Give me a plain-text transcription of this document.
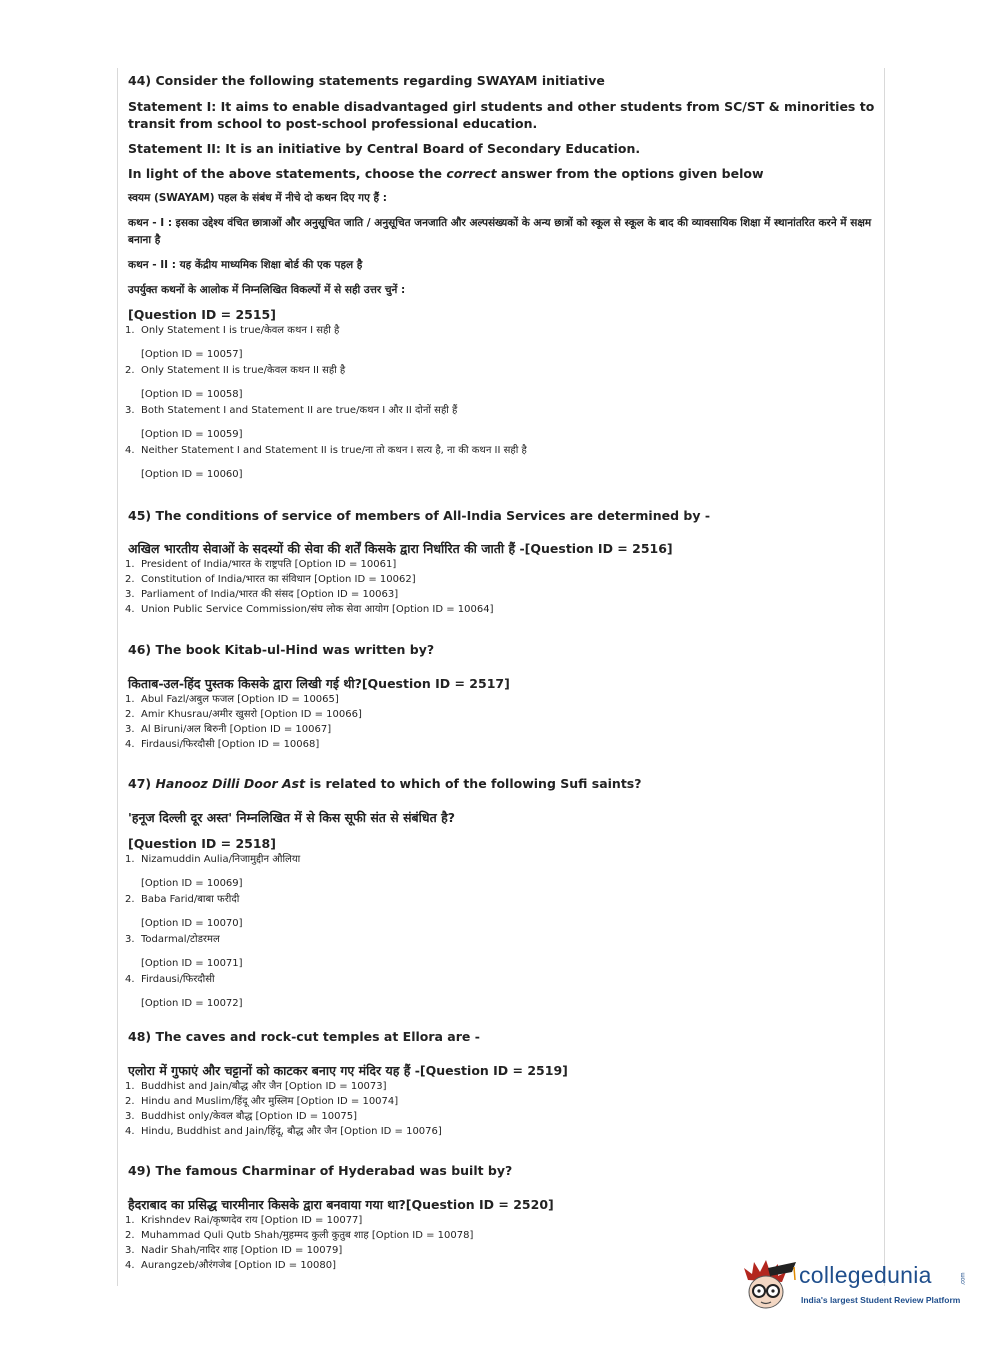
44) Consider the following statements regarding SWAYAM initiative
Statement I: It aims to enable disadvantaged girl students and other students from SC/ST & minorities to transit from school to post-school professional education.
Statement II: It is an initiative by Central Board of Secondary Education.
In light of the above statements, choose the correct answer from the options given below
स्वयम (SWAYAM) पहल के संबंध में नीचे दो कथन दिए गए हैं :
कथन - I : इसका उद्देश्य वंचित छात्राओं और अनुसूचित जाति / अनुसूचित जनजाति और अल्पसंख्यकों के अन्य छात्रों को स्कूल से स्कूल के बाद की व्यावसायिक शिक्षा में स्थानांतरित करने में सक्षम बनाना है
कथन - II : यह केंद्रीय माध्यमिक शिक्षा बोर्ड की एक पहल है
उपर्युक्त कथनों के आलोक में निम्नलिखित विकल्पों में से सही उत्तर चुनें :
[Question ID = 2515]
1. Only Statement I is true/केवल कथन I सही है
[Option ID = 10057]
2. Only Statement II is true/केवल कथन II सही है
[Option ID = 10058]
3. Both Statement I and Statement II are true/कथन I और II दोनों सही हैं
[Option ID = 10059]
4. Neither Statement I and Statement II is true/ना तो कथन I सत्य है, ना की कथन II सही है
[Option ID = 10060]
45) The conditions of service of members of All-India Services are determined by -
अखिल भारतीय सेवाओं के सदस्यों की सेवा की शर्तें किसके द्वारा निर्धारित की जाती हैं -[Question ID = 2516]
1. President of India/भारत के राष्ट्रपति [Option ID = 10061]
2. Constitution of India/भारत का संविधान [Option ID = 10062]
3. Parliament of India/भारत की संसद [Option ID = 10063]
4. Union Public Service Commission/संघ लोक सेवा आयोग [Option ID = 10064]
46) The book Kitab-ul-Hind was written by?
किताब-उल-हिंद पुस्तक किसके द्वारा लिखी गई थी?[Question ID = 2517]
1. Abul Fazl/अबुल फजल [Option ID = 10065]
2. Amir Khusrau/अमीर खुसरो [Option ID = 10066]
3. Al Biruni/अल बिरुनी [Option ID = 10067]
4. Firdausi/फिरदौसी [Option ID = 10068]
47) Hanooz Dilli Door Ast is related to which of the following Sufi saints?
'हनूज दिल्ली दूर अस्त' निम्नलिखित में से किस सूफी संत से संबंधित है?
[Question ID = 2518]
1. Nizamuddin Aulia/निजामुद्दीन औलिया
[Option ID = 10069]
2. Baba Farid/बाबा फरीदी
[Option ID = 10070]
3. Todarmal/टोडरमल
[Option ID = 10071]
4. Firdausi/फिरदौसी
[Option ID = 10072]
48) The caves and rock-cut temples at Ellora are -
एलोरा में गुफाएं और चट्टानों को काटकर बनाए गए मंदिर यह हैं -[Question ID = 2519]
1. Buddhist and Jain/बौद्ध और जैन [Option ID = 10073]
2. Hindu and Muslim/हिंदू और मुस्लिम [Option ID = 10074]
3. Buddhist only/केवल बौद्ध [Option ID = 10075]
4. Hindu, Buddhist and Jain/हिंदू, बौद्ध और जैन [Option ID = 10076]
49) The famous Charminar of Hyderabad was built by?
हैदराबाद का प्रसिद्ध चारमीनार किसके द्वारा बनवाया गया था?[Question ID = 2520]
1. Krishndev Rai/कृष्णदेव राय [Option ID = 10077]
2. Muhammad Quli Qutb Shah/मुहम्मद कुली कुतुब शाह [Option ID = 10078]
3. Nadir Shah/नादिर शाह [Option ID = 10079]
4. Aurangzeb/औरंगजेब [Option ID = 10080]	collegedunia	.com
India's largest Student Review Platform
